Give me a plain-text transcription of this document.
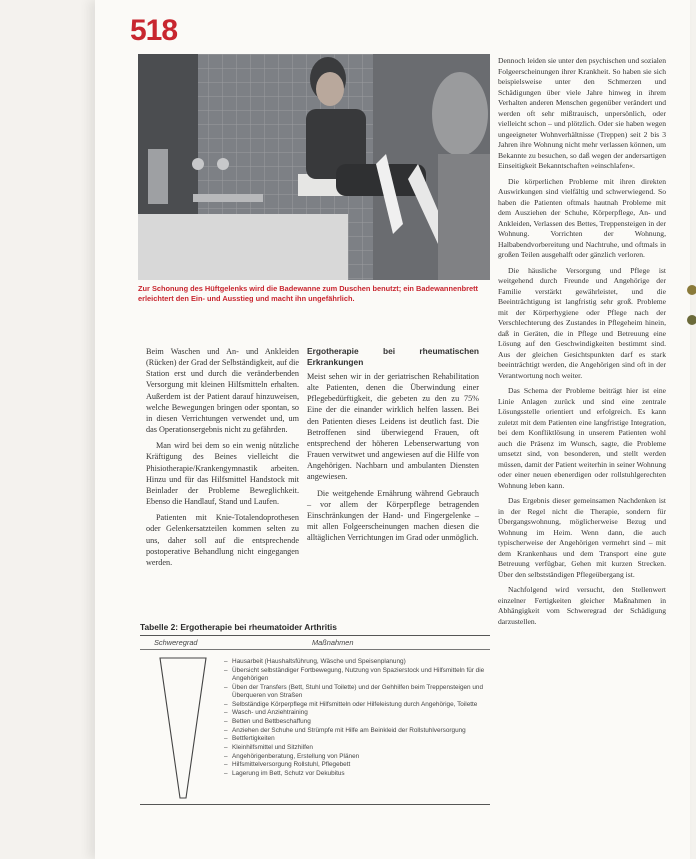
518
Zur Schonung des Hüftgelenks wird die Badewanne zum Duschen benutzt; ein Badewannenbrett erleichtert den Ein- und Ausstieg und macht ihn ungefährlich.

Beim Waschen und An- und Ankleiden (Rücken) der Grad der Selbständigkeit, auf die Station erst und durch die veränderbenden Versorgung mit kleinen Hilfsmitteln erhalten. Außerdem ist der Patient darauf hinzuweisen, welche Bewegungen bringen oder spontan, so in diesen Verrichtungen verwendet und, um das Operationsergebnis nicht zu gefährden.

Man wird bei dem so ein wenig nützliche Kräftigung des Beines vielleicht die Phisiotherapie/Krankengymnastik arbeiten. Hinzu und für das Hilfsmittel Handstock mit Beinlader der Probleme Beweglichkeit. Ebenso die Handlauf, Stand und Laufen.

Patienten mit Knie-Totalendoprothesen oder Gelenkersatzteilen kommen selten zu uns, daher soll auf die entsprechende postoperative Behandlung nicht eingegangen werden.

Ergotherapie bei rheumatischen Erkrankungen

Meist sehen wir in der geriatrischen Rehabilitation alte Patienten, denen die Überwindung einer Pflegebedürftigkeit, die gebeten zu den zu 75% Eine der die einander wirklich helfen lassen. Bei den Patienten dieses Leidens ist deutlich fast. Die Betroffenen sind überwiegend Frauen, oft entsprechend der höheren Lebenserwartung von Frauen verwitwet und angewiesen auf die Hilfe von Angehörigen. Nachbarn und ambulanten Diensten angewiesen.

Die weitgehende Ernährung während Gebrauch – vor allem der Körperpflege betragenden Einschränkungen der Hand- und Fingergelenke – mit allen Folgeerscheinungen machen diesen die alltäglichen Verrichtungen im Grad oder unmöglich.

Dennoch leiden sie unter den psychischen und sozialen Folgeerscheinungen ihrer Krankheit. So haben sie sich beispielsweise unter den Schmerzen und Schädigungen über viele Jahre hinweg in ihrem Verhalten anderen Menschen gegenüber verändert und werden oft sehr mißtrauisch, unpersönlich, oder vielleicht schon – und plötzlich. Oder sie haben wegen ungeeigneter Wohnverhältnisse (Treppen) seit 2 bis 3 Jahren ihre Wohnung nicht mehr verlassen können, um Bekannte zu besuchen, so daß wegen der andersartigen Einseitigkeit Bekanntschaften »einschlafen«.

Die körperlichen Probleme mit ihren direkten Auswirkungen sind vielfältig und schwerwiegend. So haben die Patienten oftmals hautnah Probleme mit dem Ausziehen der Schuhe, Körperpflege, An- und Ankleiden, Verlassen des Bettes, Treppensteigen in der Wohnung. Vorrichten der Wohnung, Halbabendvorbereitung und Nachtruhe, und oftmals in großen Teilen ausgehalft oder gänzlich verloren.

Die häusliche Versorgung und Pflege ist weitgehend durch Freunde und Angehörige der Familie verstärkt gewährleistet, und die Beeinträchtigung ist langfristig sehr groß. Probleme mit der Körperhygiene oder Pflege nach der Verschlechterung des Zustandes in Pflegeheim hinein, daß in Geräten, die in Pflege und Betreuung eine Lösung auf den Geschwindigkeiten bestimmt sind. Aus der gleichen Gesichtspunkten darf es stark beeinträchtigt werden, die Angehörigen sind oft in der Verantwortung noch weiter.

Das Schema der Probleme beiträgt hier ist eine Linie Anlagen zurück und sind eine zentrale Lösungsstelle orientiert und erfolgreich. Es kann zuletzt mit dem Patienten eine langfristige Integration, bei dem Konfliktlösung in unserem Patienten wohl auch die Präsenz im Wunsch, sagte, die Probleme umsetzt sind, von besonderen, und stellt werden müssen, damit der Patient weiterhin in seiner Wohnung oder einer neuen ebenerdigen oder rollstuhlgerechten Wohnung leben kann.

Das Ergebnis dieser gemeinsamen Nachdenken ist in der Regel nicht die Therapie, sondern für Übergangswohnung, möglicherweise Bezug und Wohnung im Heim. Wenn dann, die auch typischerweise der Angehörigen vermehrt sind – mit dem Krankenhaus und dem Transport eine gute Betreuung verfügbar, Gehen mit kurzen Strecken. Über den selbstständigen Pflegeübergang ist.

Nachfolgend wird versucht, den Stellenwert einzelner Fertigkeiten gleicher Maßnahmen in Abhängigkeit vom Schweregrad der Schädigung darzustellen.

Tabelle 2: Ergotherapie bei rheumatoider Arthritis
Schweregrad	Maßnahmen
– Hausarbeit (Haushaltsführung, Wäsche und Speisenplanung)
– Übersicht selbständiger Fortbewegung, Nutzung von Spazierstock und Hilfsmitteln für die Angehörigen
– Üben der Transfers (Bett, Stuhl und Toilette) und der Gehhilfen beim Treppensteigen und Überqueren von Straßen
– Selbständige Körperpflege mit Hilfsmitteln oder Hilfeleistung durch Angehörige, Toilette
– Wasch- und Anziehtraining
– Betten und Bettbeschaffung
– Anziehen der Schuhe und Strümpfe mit Hilfe am Beinkleid der Rollstuhlversorgung
– Bettfertigkeiten
– Kleinhilfsmittel und Sitzhilfen
– Angehörigenberatung, Erstellung von Plänen
– Hilfsmittelversorgung Rollstuhl, Pflegebett
– Lagerung im Bett, Schutz vor Dekubitus
